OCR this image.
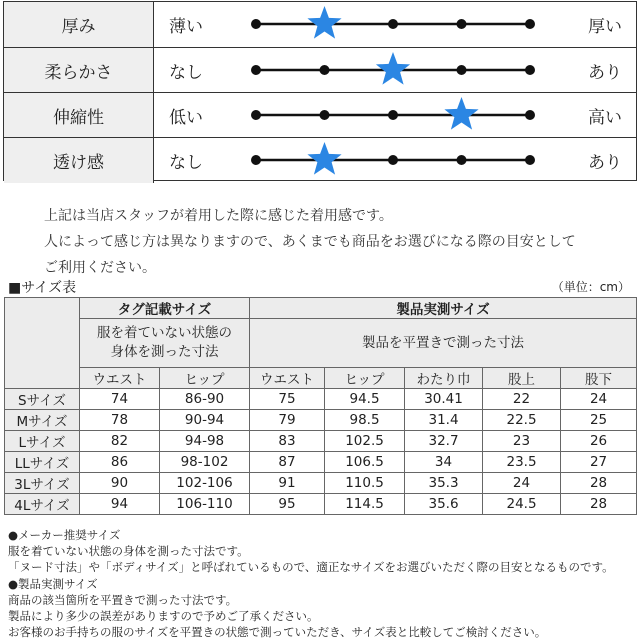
厚み	薄い	厚い
柔らかさ	なし	あり
伸縮性	低い	高い
透け感	なし	あり
上記は当店スタッフが着用した際に感じた着用感です。
人によって感じ方は異なりますので、あくまでも商品をお選びになる際の目安として
ご利用ください。
■サイズ表	（単位：cm）
	タグ記載サイズ		製品実測サイズ				
	服を着ていない状態の
身体を測った寸法		製品を平置きで測った寸法				
	ウエスト	ヒップ	ウエスト	ヒップ	わたり巾	股上	股下
Sサイズ	74	86-90	75	94.5	30.41	22	24
Mサイズ	78	90-94	79	98.5	31.4	22.5	25
Lサイズ	82	94-98	83	102.5	32.7	23	26
LLサイズ	86	98-102	87	106.5	34	23.5	27
3Lサイズ	90	102-106	91	110.5	35.3	24	28
4Lサイズ	94	106-110	95	114.5	35.6	24.5	28
●メーカー推奨サイズ
服を着ていない状態の身体を測った寸法です。
「ヌード寸法」や「ボディサイズ」と呼ばれているもので、適正なサイズをお選びいただく際の目安となるものです。
●製品実測サイズ
商品の該当箇所を平置きで測った寸法です。
製品により多少の誤差がありますので予めご了承ください。
お客様のお手持ちの服のサイズを平置きの状態で測っていただき、サイズ表と比較してご検討ください。
